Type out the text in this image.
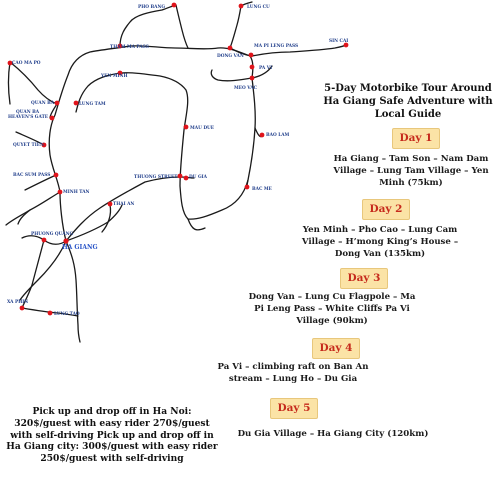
PHO BANG	LUNG CU
SIN CAI
THAM MA PASS
DONG VAN
MA PI LENG PASS
PA VI
CAO MA PO
YEN MINH
MEO VAC
QUAN BA	LUNG TAM
QUAN BA
HEAVEN'S GATE
MAU DUE
BAO LAM
QUYET TIEN
BAC SUM PASS	THUONG STREET	DU GIA
BAC ME
MINH TAN
THAI AN
PHUONG QUANG
HA GIANG
XA PHIN
LUNG TAO
5-Day Motorbike Tour Around Ha Giang Safe Adventure with Local Guide
Day 1
Ha Giang – Tam Son – Nam Dam Village – Lung Tam Village – Yen Minh (75km)
Day 2
Yen Minh – Pho Cao – Lung Cam Village – H’mong King’s House – Dong Van (135km)
Day 3
Dong Van – Lung Cu Flagpole – Ma Pi Leng Pass – White Cliffs Pa Vi Village (90km)
Day 4
Pa Vi – climbing raft on Ban An stream – Lung Ho – Du Gia
Day 5
Du Gia Village – Ha Giang City (120km)
Pick up and drop off in Ha Noi: 320$/guest with easy rider 270$/guest with self-driving Pick up and drop off in Ha Giang city: 300$/guest with easy rider 250$/guest with self-driving
